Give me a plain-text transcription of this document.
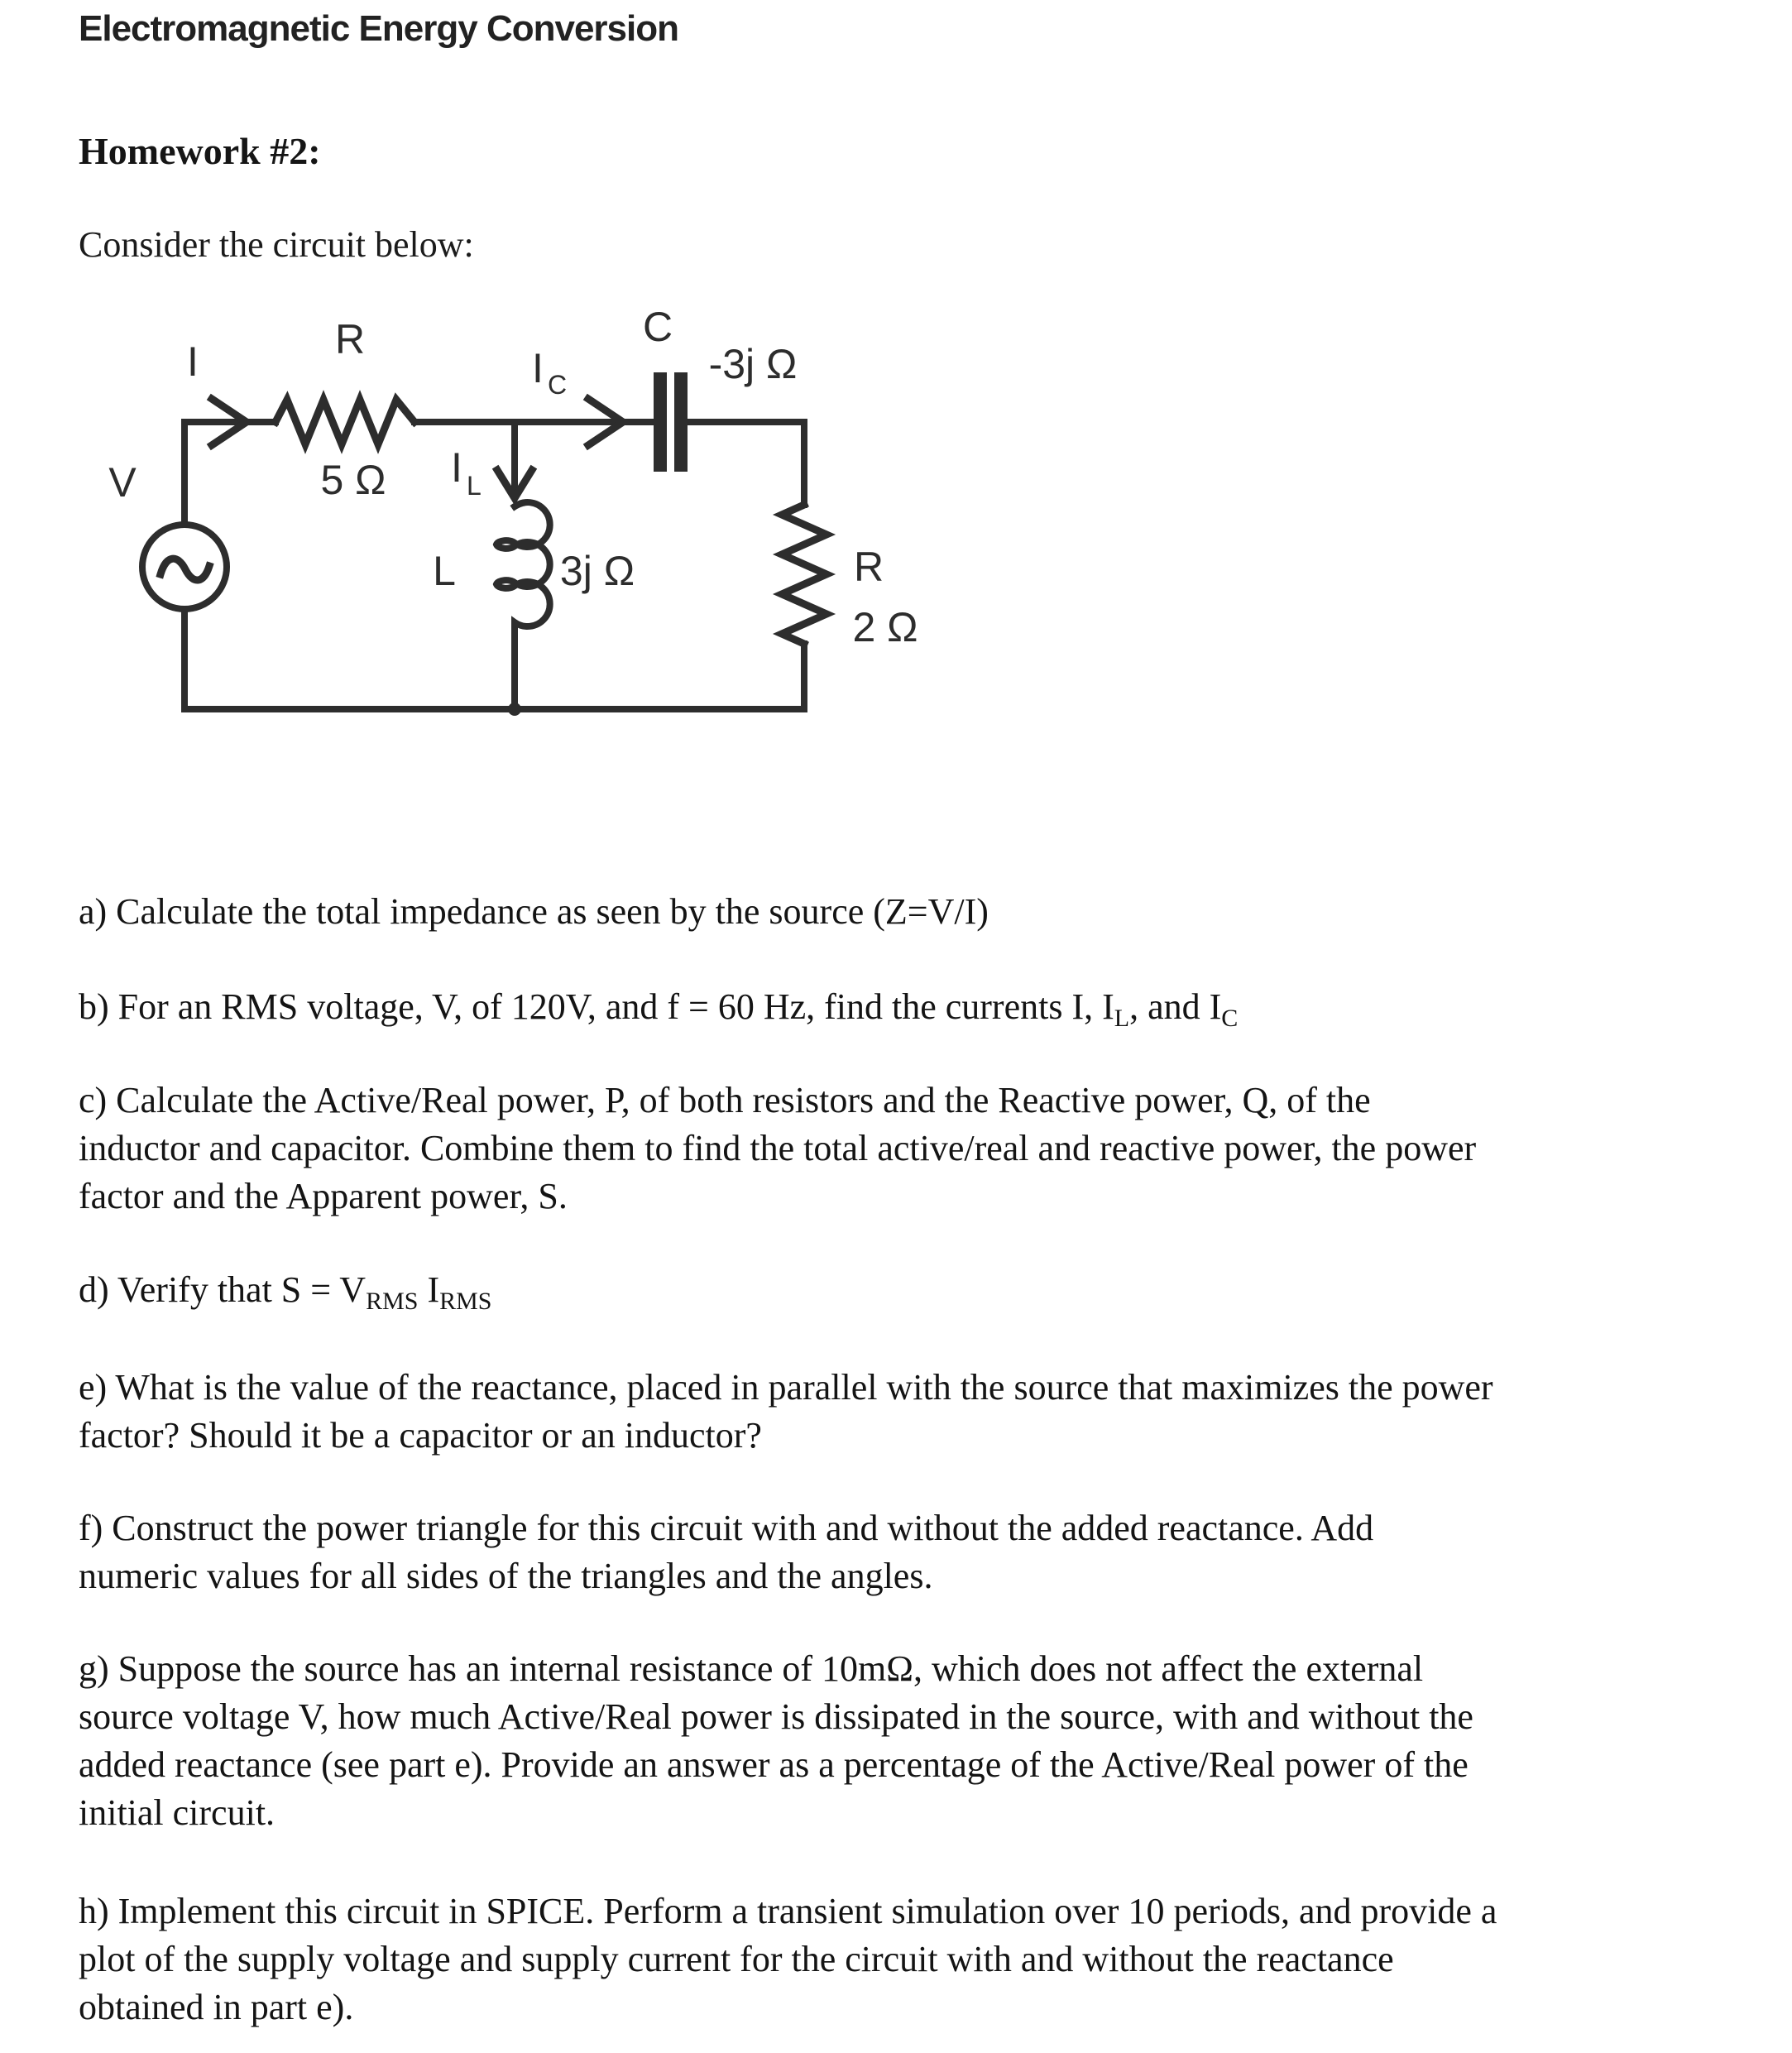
Electromagnetic Energy Conversion
Homework #2:
Consider the circuit below:
V
I	R
5 Ω I L
I C
L	3j Ω
C
-3j Ω
R
2 Ω
a) Calculate the total impedance as seen by the source (Z=V/I)
b) For an RMS voltage, V, of 120V, and f = 60 Hz, find the currents I, $I_L$, and $I_C$
c) Calculate the Active/Real power, P, of both resistors and the Reactive power, Q, of the
inductor and capacitor. Combine them to find the total active/real and reactive power, the power
factor and the Apparent power, S.
d) Verify that $S = V_{RMS}$ $I_{RMS}$
e) What is the value of the reactance, placed in parallel with the source that maximizes the power
factor? Should it be a capacitor or an inductor?
f) Construct the power triangle for this circuit with and without the added reactance. Add
numeric values for all sides of the triangles and the angles.
g) Suppose the source has an internal resistance of 10mΩ, which does not affect the external
source voltage V, how much Active/Real power is dissipated in the source, with and without the
added reactance (see part e). Provide an answer as a percentage of the Active/Real power of the
initial circuit.
h) Implement this circuit in SPICE. Perform a transient simulation over 10 periods, and provide a
plot of the supply voltage and supply current for the circuit with and without the reactance
obtained in part e).
